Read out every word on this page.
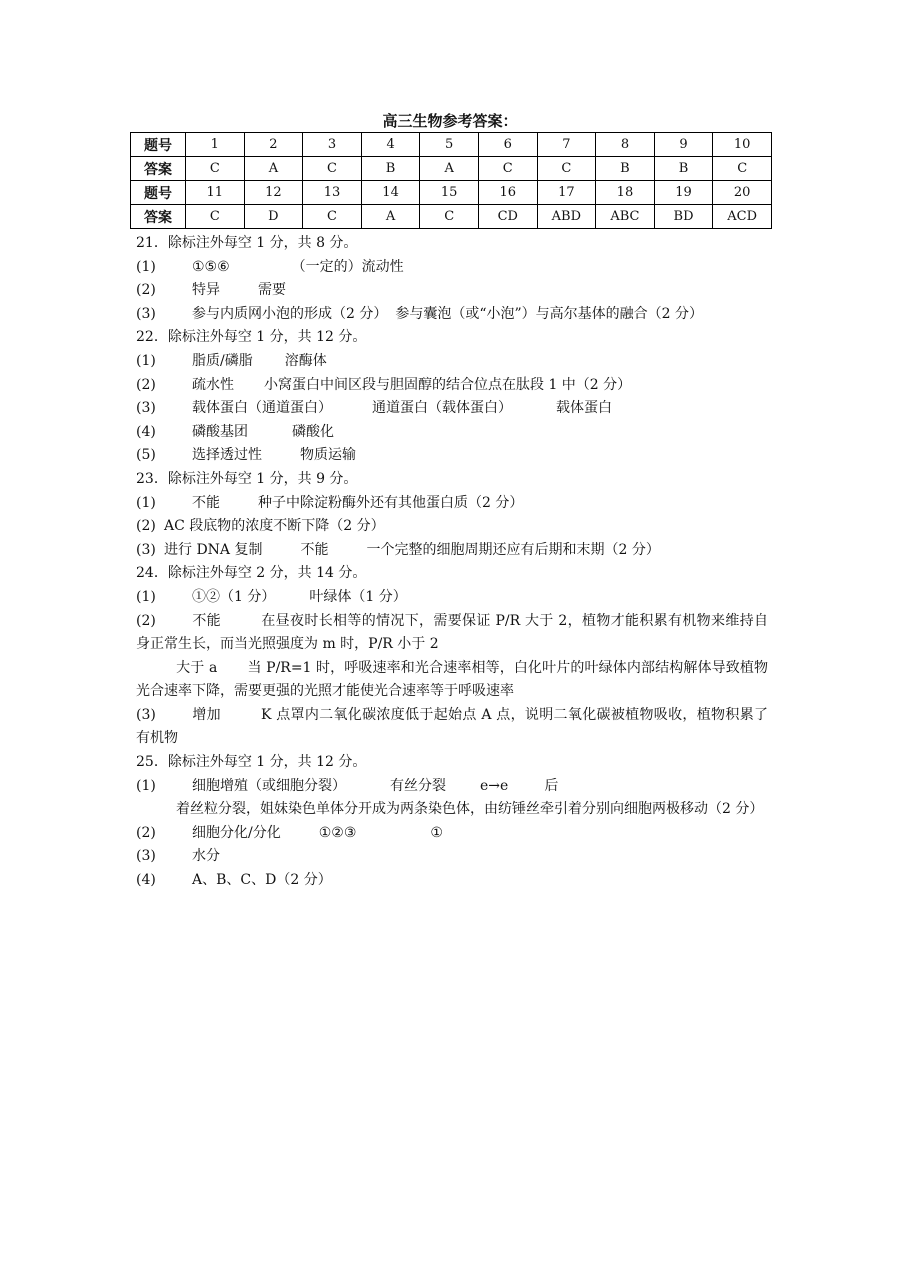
高三生物参考答案：
题号	1	2	3	4	5	6	7	8	9	10
答案	C	A	C	B	A	C	C	B	B	C
题号	11	12	13	14	15	16	17	18	19	20
答案	C	D	C	A	C	CD	ABD	ABC	BD	ACD
21．除标注外每空 1 分，共 8 分。
(1)	①⑤⑥	（一定的）流动性
(2)	特异	需要
(3)	参与内质网小泡的形成（2 分） 参与囊泡（或“小泡”）与高尔基体的融合（2 分）
22．除标注外每空 1 分，共 12 分。
(1)	脂质/磷脂 溶酶体
(2)	疏水性 小窝蛋白中间区段与胆固醇的结合位点在肽段 1 中（2 分）
(3)	载体蛋白（通道蛋白）	通道蛋白（载体蛋白）	载体蛋白
(4)	磷酸基团	磷酸化
(5)	选择透过性	物质运输
23．除标注外每空 1 分，共 9 分。
(1)	不能	种子中除淀粉酶外还有其他蛋白质（2 分）
(2) AC 段底物的浓度不断下降（2 分）
(3) 进行 DNA 复制	不能	一个完整的细胞周期还应有后期和末期（2 分）
24．除标注外每空 2 分，共 14 分。
(1)	①②（1 分） 叶绿体（1 分）
(2)	不能	在昼夜时长相等的情况下，需要保证 P/R 大于 2，植物才能积累有机物来维持自身正常生长，而当光照强度为 m 时，P/R 小于 2
大于 a 当 P/R=1 时，呼吸速率和光合速率相等，白化叶片的叶绿体内部结构解体导致植物光合速率下降，需要更强的光照才能使光合速率等于呼吸速率
(3)	增加	K 点罩内二氧化碳浓度低于起始点 A 点，说明二氧化碳被植物吸收，植物积累了有机物
25．除标注外每空 1 分，共 12 分。
(1)	细胞增殖（或细胞分裂）	有丝分裂 e→e	后
着丝粒分裂，姐妹染色单体分开成为两条染色体，由纺锤丝牵引着分别向细胞两极移动（2 分）
(2)	细胞分化/分化	①②③	①
(3)	水分
(4)	A、B、C、D（2 分）
